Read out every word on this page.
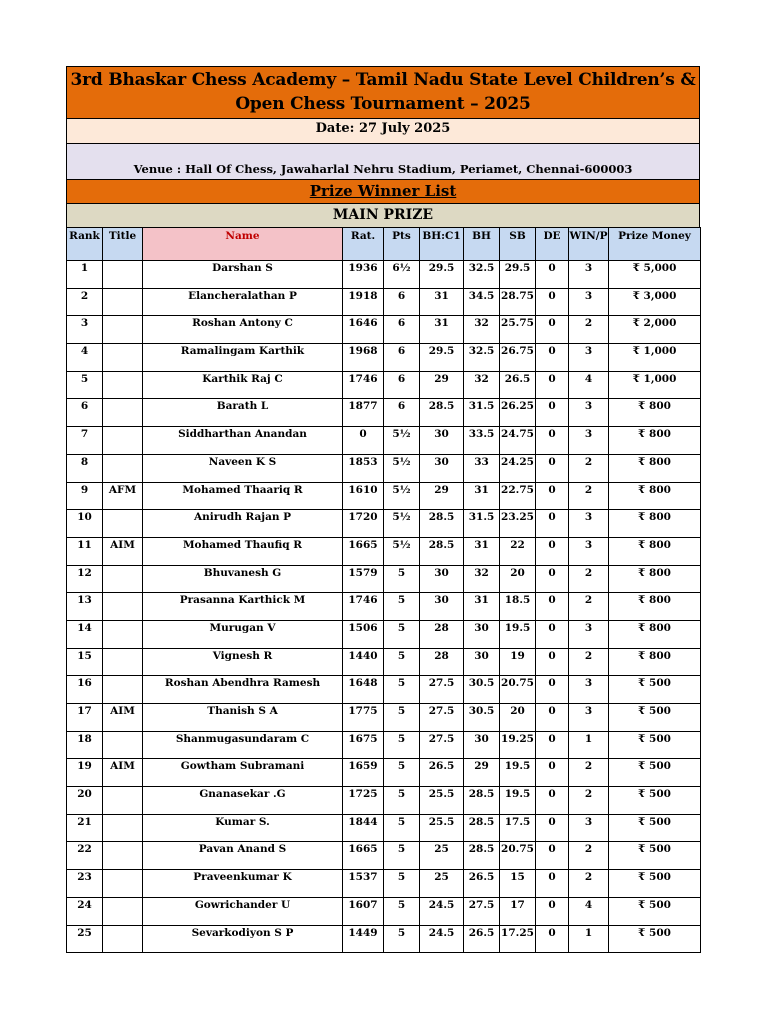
3rd Bhaskar Chess Academy – Tamil Nadu State Level Children’s &
Open Chess Tournament – 2025
Date: 27 July 2025
Venue : Hall Of Chess, Jawaharlal Nehru Stadium, Periamet, Chennai-600003
Prize Winner List
MAIN PRIZE
Rank	Title	Name	Rat.	Pts	BH:C1	BH	SB	DE	WIN/P	Prize Money
1		Darshan S	1936	6½	29.5	32.5	29.5	0	3	₹ 5,000
2		Elancheralathan P	1918	6	31	34.5	28.75	0	3	₹ 3,000
3		Roshan Antony C	1646	6	31	32	25.75	0	2	₹ 2,000
4		Ramalingam Karthik	1968	6	29.5	32.5	26.75	0	3	₹ 1,000
5		Karthik Raj C	1746	6	29	32	26.5	0	4	₹ 1,000
6		Barath L	1877	6	28.5	31.5	26.25	0	3	₹ 800
7		Siddharthan Anandan	0	5½	30	33.5	24.75	0	3	₹ 800
8		Naveen K S	1853	5½	30	33	24.25	0	2	₹ 800
9	AFM	Mohamed Thaariq R	1610	5½	29	31	22.75	0	2	₹ 800
10		Anirudh Rajan P	1720	5½	28.5	31.5	23.25	0	3	₹ 800
11	AIM	Mohamed Thaufiq R	1665	5½	28.5	31	22	0	3	₹ 800
12		Bhuvanesh G	1579	5	30	32	20	0	2	₹ 800
13		Prasanna Karthick M	1746	5	30	31	18.5	0	2	₹ 800
14		Murugan V	1506	5	28	30	19.5	0	3	₹ 800
15		Vignesh R	1440	5	28	30	19	0	2	₹ 800
16		Roshan Abendhra Ramesh	1648	5	27.5	30.5	20.75	0	3	₹ 500
17	AIM	Thanish S A	1775	5	27.5	30.5	20	0	3	₹ 500
18		Shanmugasundaram C	1675	5	27.5	30	19.25	0	1	₹ 500
19	AIM	Gowtham Subramani	1659	5	26.5	29	19.5	0	2	₹ 500
20		Gnanasekar .G	1725	5	25.5	28.5	19.5	0	2	₹ 500
21		Kumar S.	1844	5	25.5	28.5	17.5	0	3	₹ 500
22		Pavan Anand S	1665	5	25	28.5	20.75	0	2	₹ 500
23		Praveenkumar K	1537	5	25	26.5	15	0	2	₹ 500
24		Gowrichander U	1607	5	24.5	27.5	17	0	4	₹ 500
25		Sevarkodiyon S P	1449	5	24.5	26.5	17.25	0	1	₹ 500
